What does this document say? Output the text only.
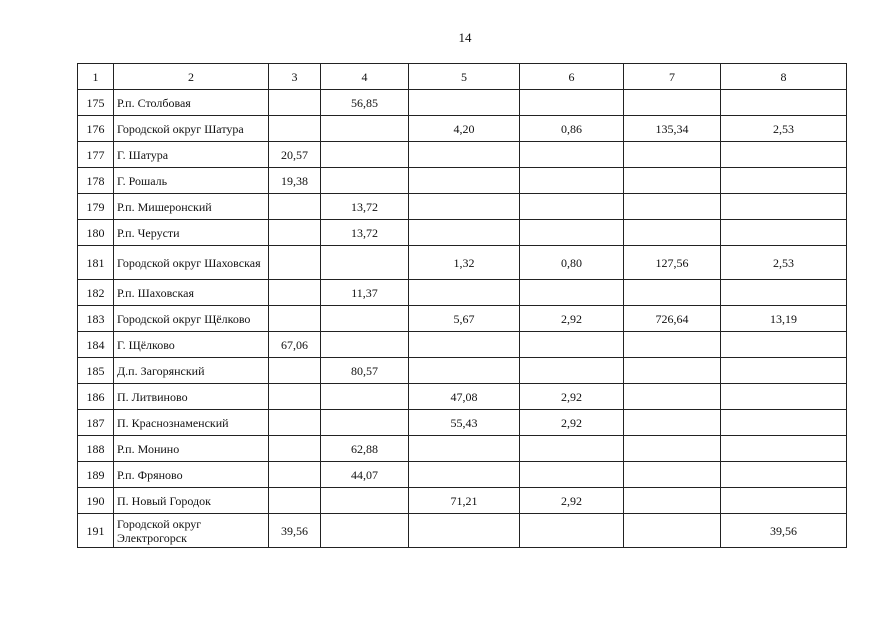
14
1	2	3	4	5	6	7	8
175	Р.п. Столбовая		56,85				
176	Городской округ Шатура			4,20	0,86	135,34	2,53
177	Г. Шатура	20,57					
178	Г. Рошаль	19,38					
179	Р.п. Мишеронский		13,72				
180	Р.п. Черусти		13,72				
181	Городской округ Шаховская			1,32	0,80	127,56	2,53
182	Р.п. Шаховская		11,37				
183	Городской округ Щёлково			5,67	2,92	726,64	13,19
184	Г. Щёлково	67,06					
185	Д.п. Загорянский		80,57				
186	П. Литвиново			47,08	2,92		
187	П. Краснознаменский			55,43	2,92		
188	Р.п. Монино		62,88				
189	Р.п. Фряново		44,07				
190	П. Новый Городок			71,21	2,92		
191	Городской округ Электрогорск	39,56					39,56
